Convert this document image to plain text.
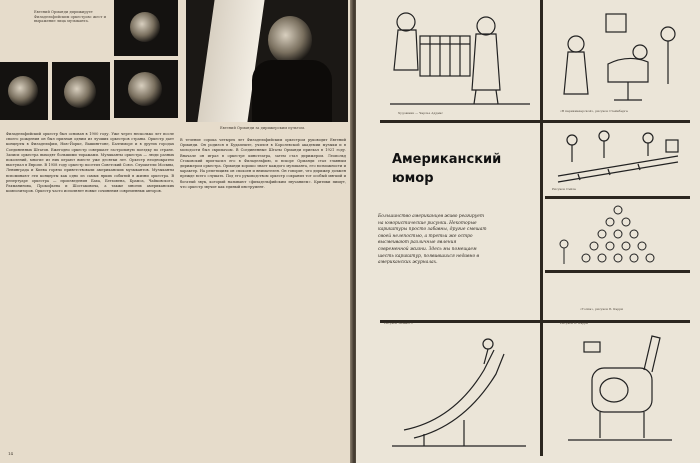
Евгений Орманди дирижирует Филадельфийским оркестром: жест и выражение лица музыканта.
Евгений Орманди за дирижерским пультом.
Филадельфийский оркестр был основан в 1900 году. Уже через несколько лет после своего рождения он был признан одним из лучших оркестров страны. Оркестр дает концерты в Филадельфии, Нью-Йорке, Вашингтоне, Балтиморе и в других городах Соединенных Штатов. Ежегодно оркестр совершает гастрольную поездку по стране. Записи оркестра выходят большими тиражами. Музыканты оркестра — люди разных поколений, многие из них играют вместе уже десятки лет. Оркестр неоднократно выступал в Европе. В 1958 году оркестр посетил Советский Союз. Слушатели Москвы, Ленинграда и Киева горячо приветствовали американских музыкантов. Музыканты вспоминают эти концерты как одно из самых ярких событий в жизни оркестра. В репертуаре оркестра — произведения Баха, Бетховена, Брамса, Чайковского, Рахманинова, Прокофьева и Шостаковича, а также многих американских композиторов. Оркестр часто исполняет новые сочинения современных авторов.
В течение сорока четырех лет Филадельфийским оркестром руководит Евгений Орманди. Он родился в Будапеште, учился в Королевской академии музыки и в молодости был скрипачом. В Соединенные Штаты Орманди приехал в 1921 году. Вначале он играл в оркестре кинотеатра, затем стал дирижером. Леопольд Стоковский пригласил его в Филадельфию, и вскоре Орманди стал главным дирижером оркестра. Орманди хорошо знает каждого музыканта, его возможности и характер. На репетициях он спокоен и внимателен. Он говорит, что дирижер должен прежде всего слушать. Под его руководством оркестр сохранил тот особый мягкий и богатый звук, который называют «филадельфийским звучанием». Критики пишут, что оркестр звучит как единый инструмент.
14
Американский
юмор
Большинство американцев живо реагирует на юмористические рисунки. Некоторые карикатуры просто забавны, другие смешат своей нелепостью, а третьи же остро высмеивают различные явления современной жизни. Здесь мы помещаем шесть карикатур, появившихся недавно в американских журналах.
Художник — Чарльз Аддамс	«В парикмахерской», рисунок Стейнберга
Рисунок Сэйла
«Толпа», рисунок Б. Кэрри
Рисунок Зеленого	Рисунок Б. Кэрри
